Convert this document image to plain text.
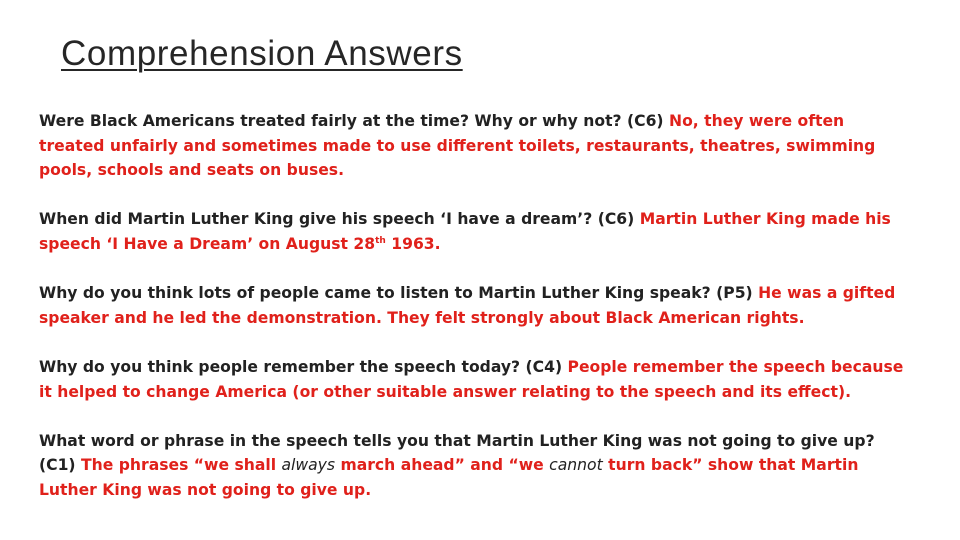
Comprehension Answers
Were Black Americans treated fairly at the time? Why or why not? (C6) No, they were often treated unfairly and sometimes made to use different toilets, restaurants, theatres, swimming pools, schools and seats on buses.
When did Martin Luther King give his speech ‘I have a dream’? (C6) Martin Luther King made his speech ‘I Have a Dream’ on August 28th 1963.
Why do you think lots of people came to listen to Martin Luther King speak? (P5) He was a gifted speaker and he led the demonstration. They felt strongly about Black American rights.
Why do you think people remember the speech today? (C4) People remember the speech because it helped to change America (or other suitable answer relating to the speech and its effect).
What word or phrase in the speech tells you that Martin Luther King was not going to give up? (C1) The phrases “we shall always march ahead” and “we cannot turn back” show that Martin Luther King was not going to give up.
